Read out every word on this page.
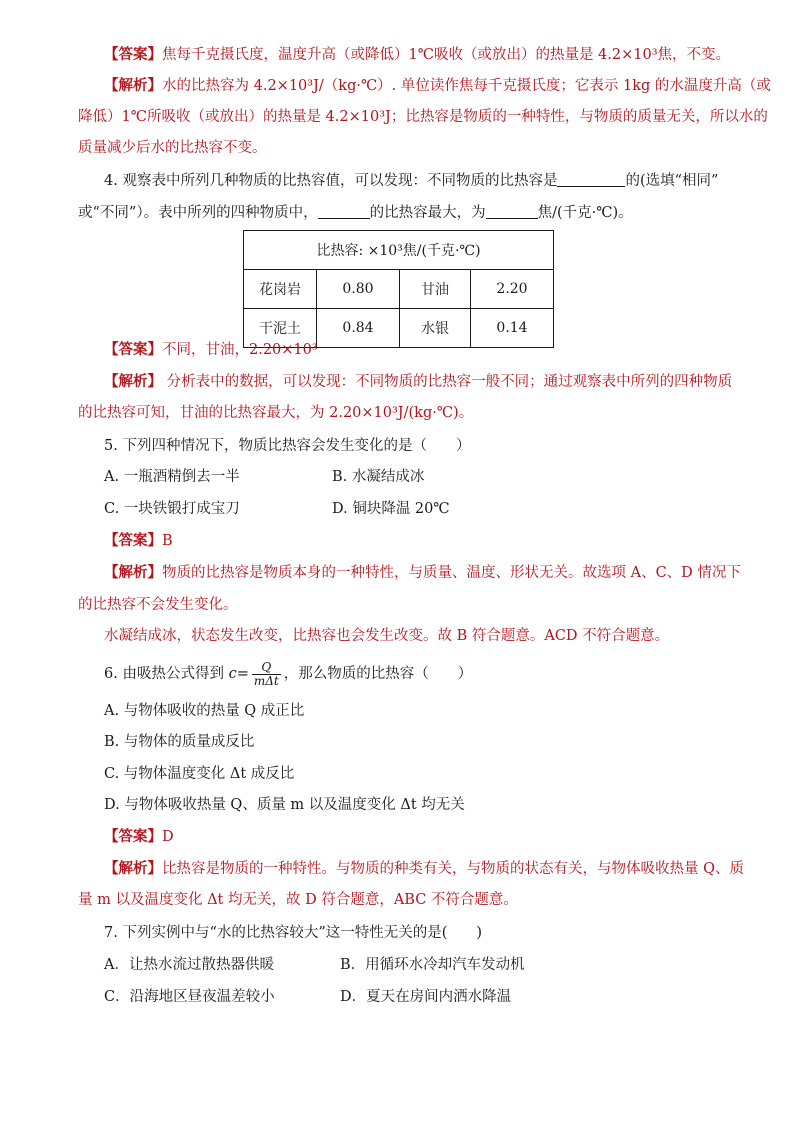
【答案】焦每千克摄氏度，温度升高（或降低）1℃吸收（或放出）的热量是 4.2×10³焦，不变。
【解析】水的比热容为 4.2×10³J/（kg·℃）. 单位读作焦每千克摄氏度；它表示 1kg 的水温度升高（或
降低）1℃所吸收（或放出）的热量是 4.2×10³J；比热容是物质的一种特性，与物质的质量无关，所以水的
质量减少后水的比热容不变。
4. 观察表中所列几种物质的比热容值，可以发现：不同物质的比热容是	的(选填“相同”
或“不同”）。表中所列的四种物质中，	的比热容最大，为	焦/(千克·℃)。
比热容: ×10³焦/(千克·℃)			
花岗岩	0.80	甘油	2.20
干泥土	0.84	水银	0.14
【答案】不同，甘油，2.20×10³
【解析】 分析表中的数据，可以发现：不同物质的比热容一般不同；通过观察表中所列的四种物质
的比热容可知，甘油的比热容最大，为 2.20×10³J/(kg·℃)。
5. 下列四种情况下，物质比热容会发生变化的是（　　）
A. 一瓶酒精倒去一半	B. 水凝结成冰
C. 一块铁锻打成宝刀	D. 铜块降温 20℃
【答案】B
【解析】物质的比热容是物质本身的一种特性，与质量、温度、形状无关。故选项 A、C、D 情况下
的比热容不会发生变化。
水凝结成冰，状态发生改变，比热容也会发生改变。故 B 符合题意。ACD 不符合题意。
6. 由吸热公式得到 $c= \frac{Q}{\text{mΔt}}$ ，那么物质的比热容（　　）
A. 与物体吸收的热量 Q 成正比
B. 与物体的质量成反比
C. 与物体温度变化 Δt 成反比
D. 与物体吸收热量 Q、质量 m 以及温度变化 Δt 均无关
【答案】D
【解析】比热容是物质的一种特性。与物质的种类有关，与物质的状态有关，与物体吸收热量 Q、质
量 m 以及温度变化 Δt 均无关，故 D 符合题意，ABC 不符合题意。
7. 下列实例中与“水的比热容较大”这一特性无关的是(　　)
A．让热水流过散热器供暖	B．用循环水冷却汽车发动机
C．沿海地区昼夜温差较小	D．夏天在房间内洒水降温
